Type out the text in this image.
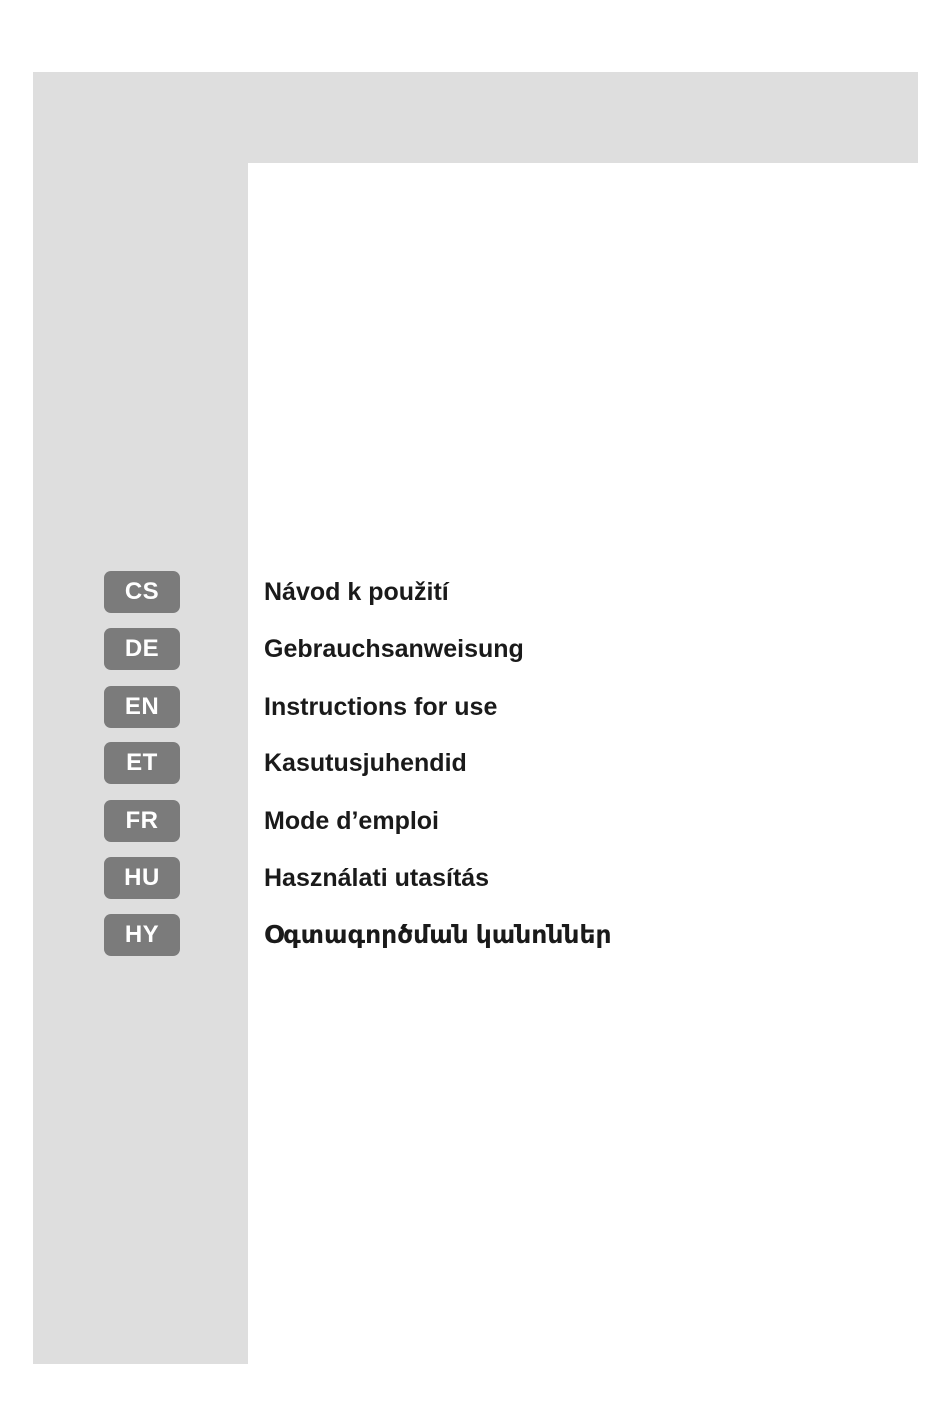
CS	Návod k použití
DE	Gebrauchsanweisung
EN	Instructions for use
ET	Kasutusjuhendid
FR	Mode d’emploi
HU	Használati utasítás
HY	Օգտագործման կանոններ
